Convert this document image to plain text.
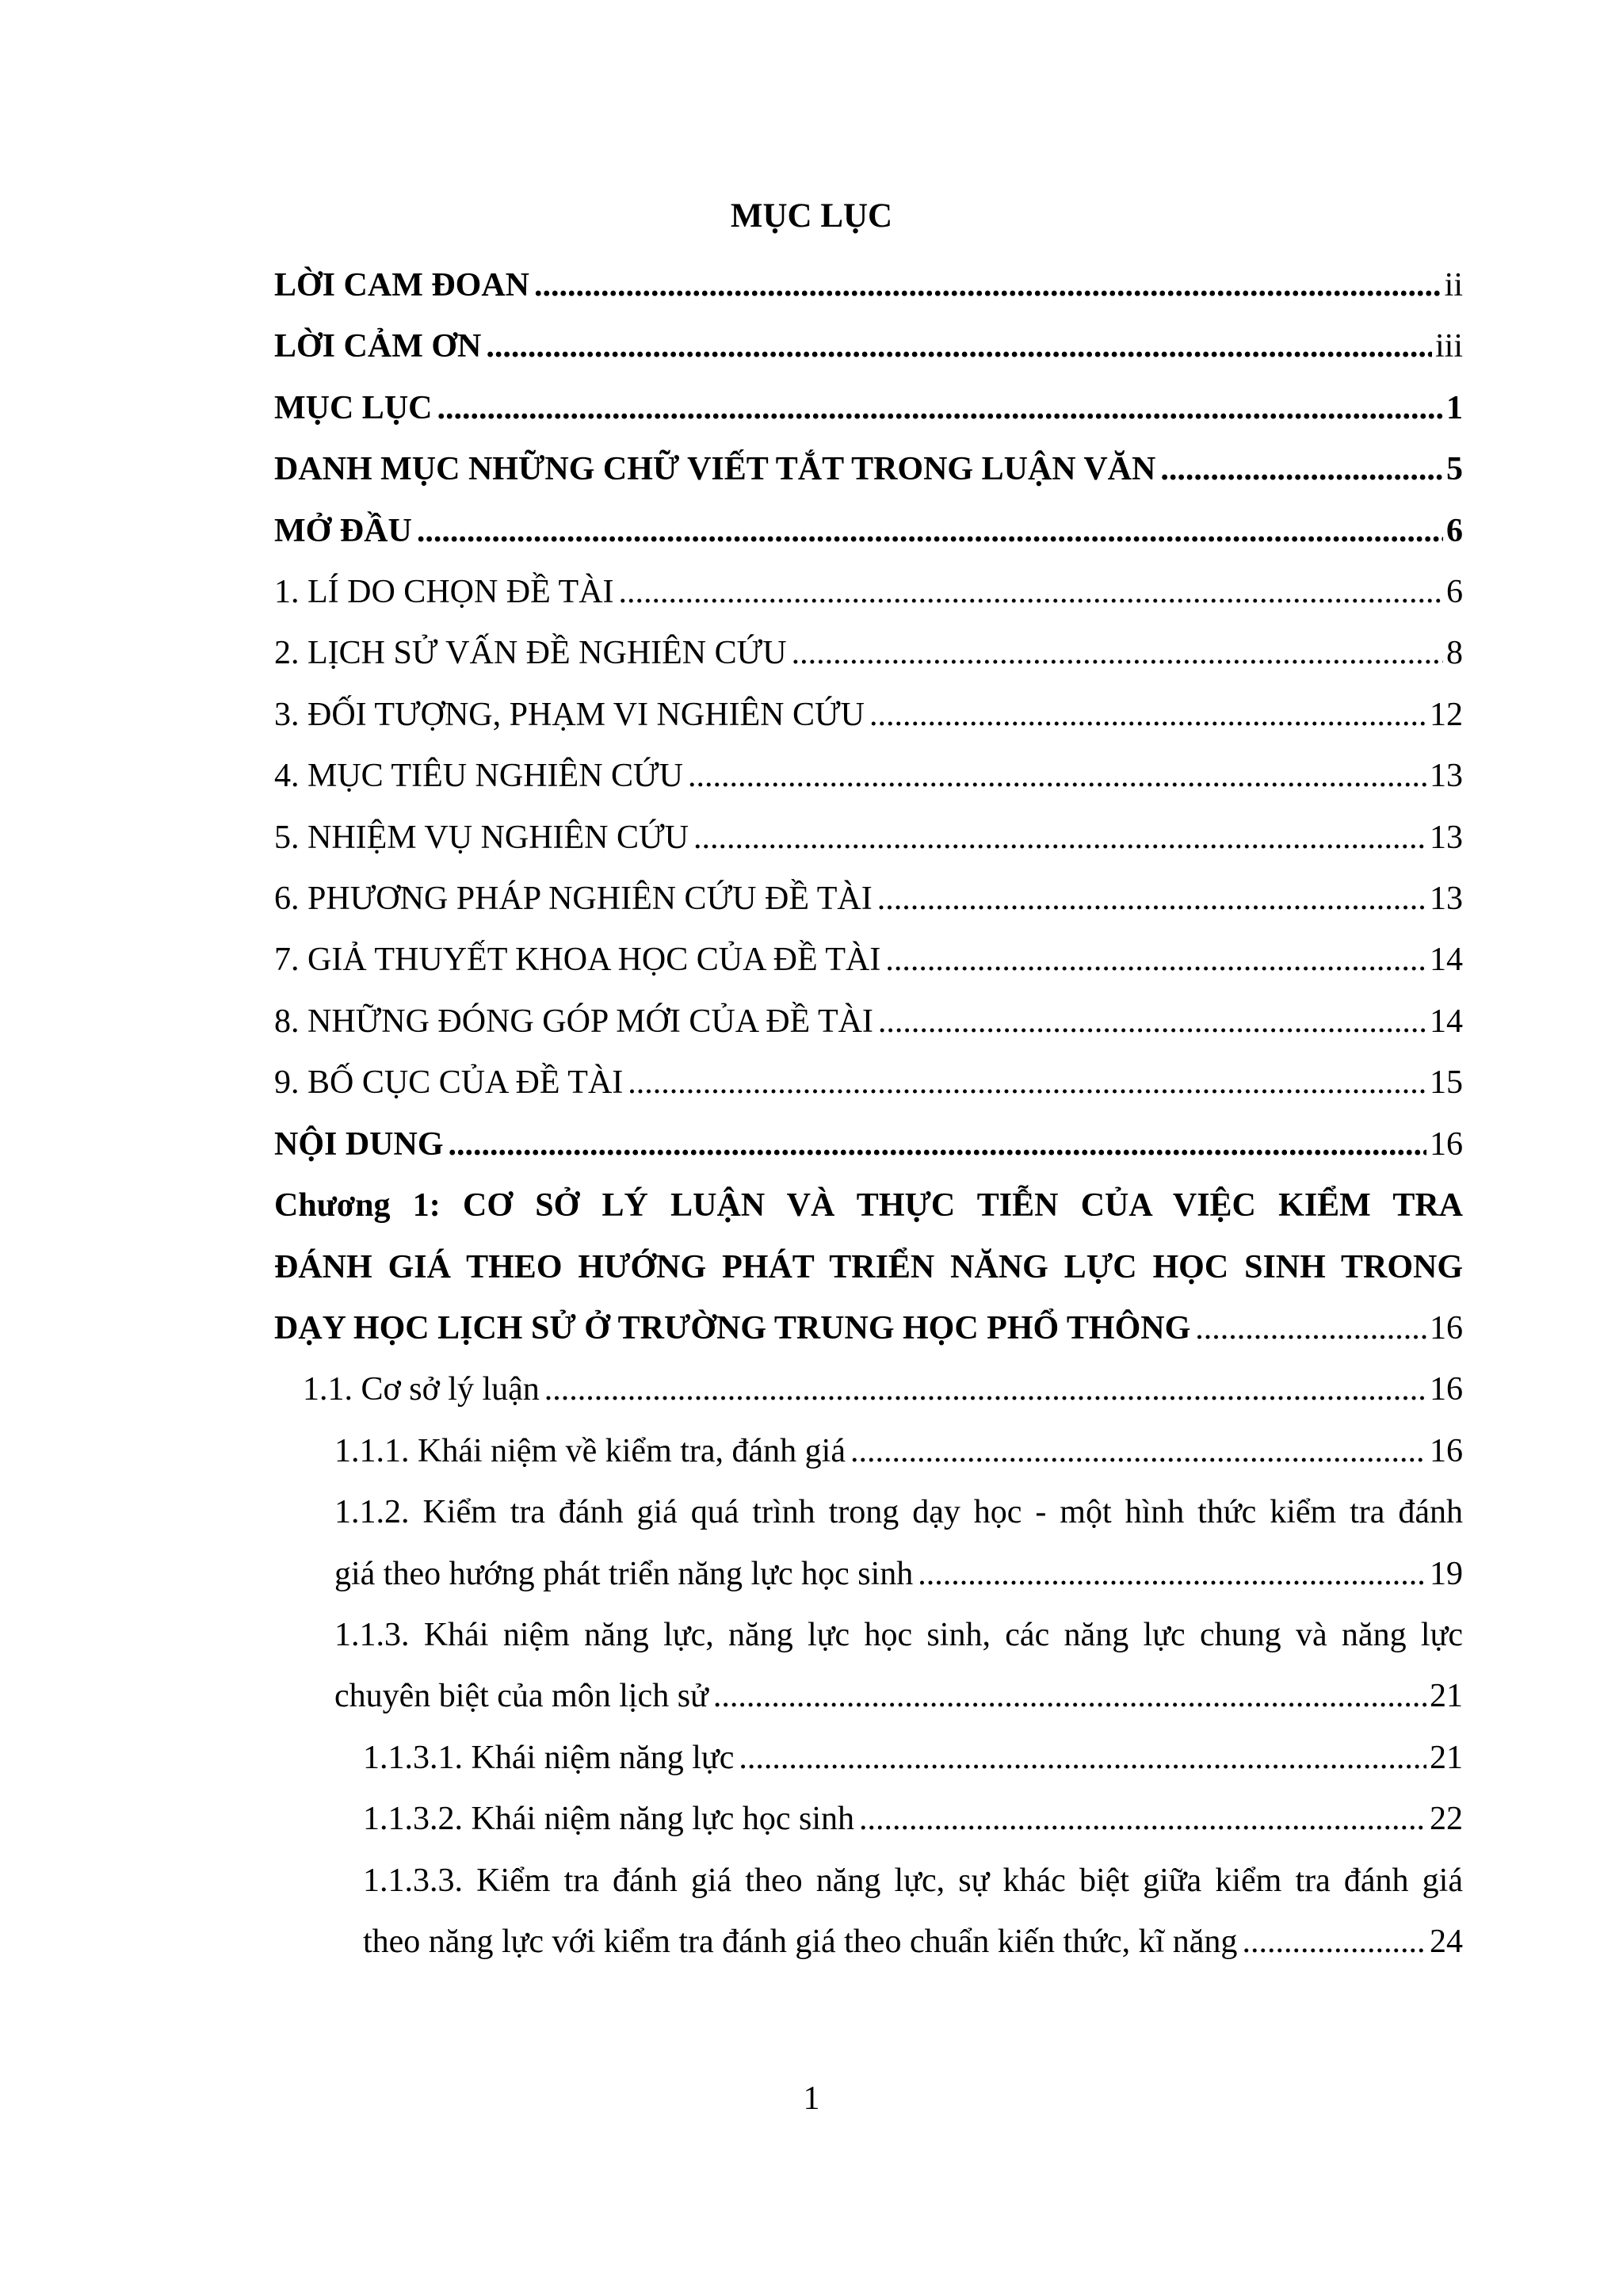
MỤC LỤC
LỜI CAM ĐOAN .....	ii
LỜI CẢM ƠN .....	iii
MỤC LỤC .....	1
DANH MỤC NHỮNG CHỮ VIẾT TẮT TRONG LUẬN VĂN .....	5
MỞ ĐẦU .....	6
1. LÍ DO CHỌN ĐỀ TÀI .....	6
2. LỊCH SỬ VẤN ĐỀ NGHIÊN CỨU .....	8
3. ĐỐI TƯỢNG, PHẠM VI NGHIÊN CỨU .....	12
4. MỤC TIÊU NGHIÊN CỨU .....	13
5. NHIỆM VỤ NGHIÊN CỨU .....	13
6. PHƯƠNG PHÁP NGHIÊN CỨU ĐỀ TÀI .....	13
7. GIẢ THUYẾT KHOA HỌC CỦA ĐỀ TÀI .....	14
8. NHỮNG ĐÓNG GÓP MỚI CỦA ĐỀ TÀI .....	14
9. BỐ CỤC CỦA ĐỀ TÀI .....	15
NỘI DUNG .....	16
Chương 1: CƠ SỞ LÝ LUẬN VÀ THỰC TIỄN CỦA VIỆC KIỂM TRA
ĐÁNH GIÁ THEO HƯỚNG PHÁT TRIỂN NĂNG LỰC HỌC SINH TRONG
DẠY HỌC LỊCH SỬ Ở TRƯỜNG TRUNG HỌC PHỔ THÔNG .....	16
1.1. Cơ sở lý luận .....	16
1.1.1. Khái niệm về kiểm tra, đánh giá .....	16
1.1.2. Kiểm tra đánh giá quá trình trong dạy học - một hình thức kiểm tra đánh
giá theo hướng phát triển năng lực học sinh .....	19
1.1.3. Khái niệm năng lực, năng lực học sinh, các năng lực chung và năng lực
chuyên biệt của môn lịch sử .....	21
1.1.3.1. Khái niệm năng lực .....	21
1.1.3.2. Khái niệm năng lực học sinh .....	22
1.1.3.3. Kiểm tra đánh giá theo năng lực, sự khác biệt giữa kiểm tra đánh giá
theo năng lực với kiểm tra đánh giá theo chuẩn kiến thức, kĩ năng .....	24
1
